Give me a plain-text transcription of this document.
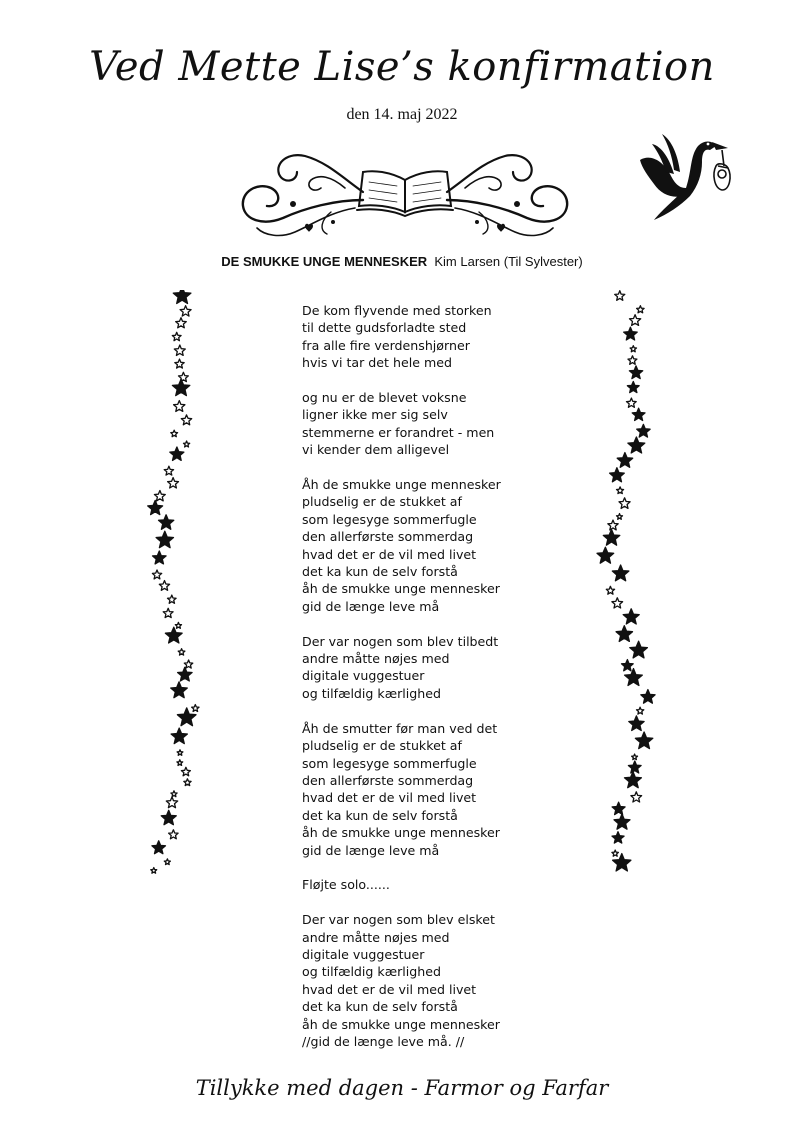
Ved Mette Lise’s konfirmation
den 14. maj 2022
DE SMUKKE UNGE MENNESKER Kim Larsen (Til Sylvester)
De kom flyvende med storken
til dette gudsforladte sted
fra alle fire verdenshjørner
hvis vi tar det hele med
og nu er de blevet voksne
ligner ikke mer sig selv
stemmerne er forandret - men
vi kender dem alligevel
Åh de smukke unge mennesker
pludselig er de stukket af
som legesyge sommerfugle
den allerførste sommerdag
hvad det er de vil med livet
det ka kun de selv forstå
åh de smukke unge mennesker
gid de længe leve må
Der var nogen som blev tilbedt
andre måtte nøjes med
digitale vuggestuer
og tilfældig kærlighed
Åh de smutter før man ved det
pludselig er de stukket af
som legesyge sommerfugle
den allerførste sommerdag
hvad det er de vil med livet
det ka kun de selv forstå
åh de smukke unge mennesker
gid de længe leve må
Fløjte solo......
Der var nogen som blev elsket
andre måtte nøjes med
digitale vuggestuer
og tilfældig kærlighed
hvad det er de vil med livet
det ka kun de selv forstå
åh de smukke unge mennesker
//gid de længe leve må. //
Tillykke med dagen - Farmor og Farfar
